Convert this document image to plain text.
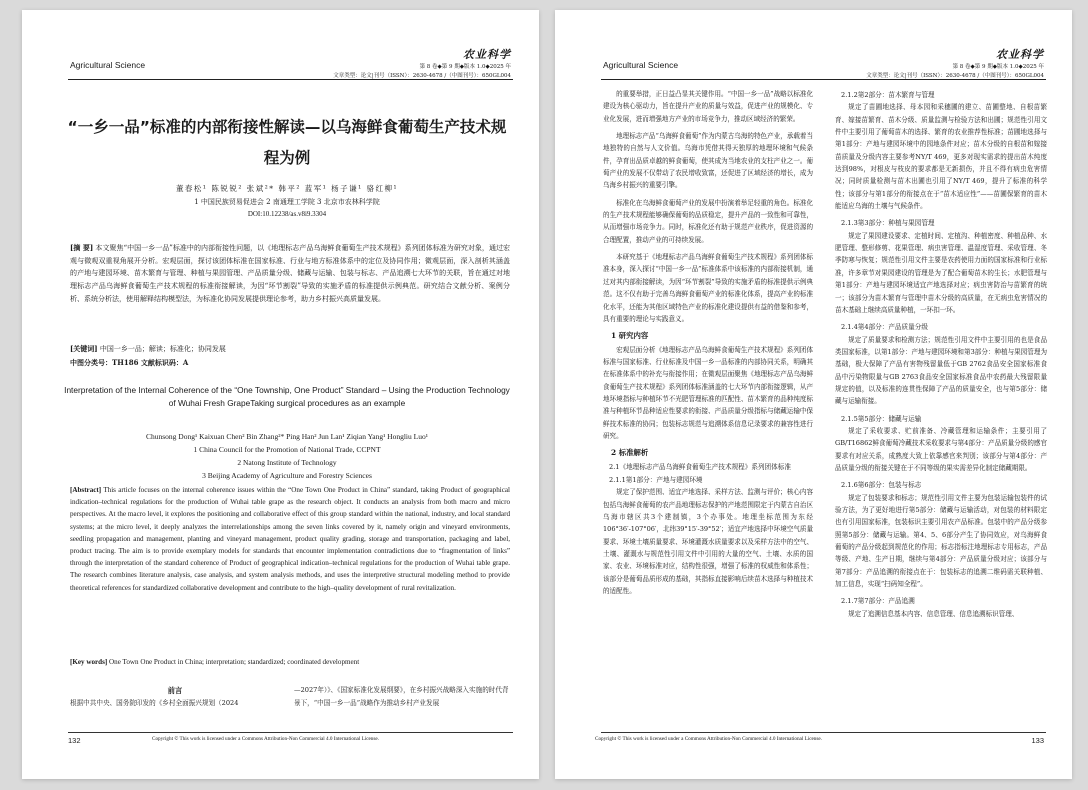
农业科学
Agricultural Science	第 8 卷◆第 9 期◆版本 1.0◆2025 年
文章类型：论文|刊号（ISSN）：2630-4678 /（中图刊号）：650GL004
“一乡一品”标准的内部衔接性解读—以乌海鲜食葡萄生产技术规程为例
董春松¹ 陈锐锐² 张斌²* 韩平² 蓝军¹ 杨子谦¹ 骆红柳¹
1 中国民族贸易促进会 2 南通理工学院 3 北京市农林科学院
DOI:10.12238/as.v8i9.3304
[摘 要] 本文聚焦“中国一乡一品”标准中的内部衔接性问题，以《地理标志产品乌海鲜食葡萄生产技术规程》系列团体标准为研究对象，通过宏观与微观双重视角展开分析。宏观层面，探讨该团体标准在国家标准、行业与地方标准体系中的定位及协同作用；微观层面，深入剖析其涵盖的产地与建园环境、苗木繁育与管理、种植与果园管理、产品质量分级、储藏与运输、包装与标志、产品追溯七大环节的关联，旨在通过对地理标志产品乌海鲜食葡萄生产技术规程的标准衔接解读，为因“环节割裂”导致的实施矛盾的标准提供示例典范。研究结合文献分析、案例分析、系统分析法，使用解释结构模型法，为标准化协同发展提供理论参考，助力乡村振兴高质量发展。
[关键词] 中国一乡一品；解读；标准化；协同发展
中图分类号：TH186 文献标识码：A
Interpretation of the Internal Coherence of the “One Township, One Product” Standard – Using the Production Technology of Wuhai Fresh GrapeTaking surgical procedures as an example
Chunsong Dong¹ Kaixuan Chen² Bin Zhang²* Ping Han² Jun Lan¹ Ziqian Yang¹ Hongliu Luo¹
1 China Council for the Promotion of National Trade, CCPNT
2 Natong Institute of Technology
3 Beijing Academy of Agriculture and Forestry Sciences
[Abstract] This article focuses on the internal coherence issues within the “One Town One Product in China” standard, taking Product of geographical indication–technical regulations for the production of Wuhai table grape as the research object. It conducts an analysis from both macro and micro perspectives. At the macro level, it explores the positioning and collaborative effect of this group standard within the national, industry, and local standard systems; at the micro level, it deeply analyzes the interrelationships among the seven links covered by it, namely origin and vineyard environments, seedling propagation and management, planting and vineyard management, product quality grading, storage and transportation, packaging and label, product tracing. The aim is to provide exemplary models for standards that encounter implementation contradictions due to “fragmentation of links” through the interpretation of the standard coherence of Product of geographical indication–technical regulations for the production of Wuhai table grape. The research combines literature analysis, case analysis, and system analysis methods, and uses the interpretive structural modeling method to provide theoretical references for standardized collaborative development and contribute to the high–quality development of rural revitalization.
[Key words] One Town One Product in China; interpretation; standardized; coordinated development
前言
根据中共中央、国务院印发的《乡村全面振兴规划（2024
—2027年）》、《国家标准化发展纲要》，在乡村振兴战略深入实施的时代背景下，“中国一乡一品”战略作为推动乡村产业发展
132	Copyright © This work is licensed under a Commons Attribution-Non Commercial 4.0 International License.
农业科学
Agricultural Science	第 8 卷◆第 9 期◆版本 1.0◆2025 年
文章类型：论文|刊号（ISSN）：2630-4678 /（中图刊号）：650GL004

的重要举措，正日益凸显其关键作用。“中国一乡一品”战略以标准化建设为核心驱动力，旨在提升产业的质量与效益，促进产业的规模化、专业化发展，进而增强地方产业的市场竞争力，推动区域经济的繁荣。

地理标志产品“乌海鲜食葡萄”作为内蒙古乌海的特色产业，承载着当地独特的自然与人文价值。乌海市凭借其得天独厚的地理环境和气候条件，孕育出品质卓越的鲜食葡萄，使其成为当地农业的支柱产业之一。葡萄产业的发展不仅带动了农民增收致富，还促进了区域经济的增长，成为乌海乡村振兴的重要引擎。

标准化在乌海鲜食葡萄产业的发展中扮演着举足轻重的角色。标准化的生产技术规程能够确保葡萄的品质稳定，提升产品的一致性和可靠性，从而增强市场竞争力。同时，标准化还有助于规范产业秩序，促进资源的合理配置，推动产业的可持续发展。

本研究基于《地理标志产品乌海鲜食葡萄生产技术规程》系列团体标准本身，深入探讨“中国一乡一品”标准体系中该标准的内部衔接机制，通过对其内部衔接解读，为因“环节割裂”导致的实施矛盾的标准提供示例典范。这不仅有助于完善乌海鲜食葡萄产业的标准化体系，提高产业的标准化水平，还能为其他区域特色产业的标准化建设提供有益的借鉴和参考，具有重要的理论与实践意义。

1 研究内容

宏观层面分析《地理标志产品乌海鲜食葡萄生产技术规程》系列团体标准与国家标准、行业标准及中国一乡一品标准的内部协同关系，明确其在标准体系中的补充与衔接作用；在微观层面聚焦《地理标志产品乌海鲜食葡萄生产技术规程》系列团体标准涵盖的七大环节内部衔接逻辑，从产地环境指标与种植环节不光肥管理标准的匹配性、苗木繁育的品种纯度标准与种植环节品种适应性要求的衔接、产品质量分级指标与储藏运输中保鲜技术标准的协同；包装标志规范与追溯体系信息记录要求的兼容性进行研究。

2 标准解析
2.1《地理标志产品乌海鲜食葡萄生产技术规程》系列团体标准
2.1.1第1部分：产地与建园环境

规定了保护范围、适宜产地选择、采样方法、监测与评价；核心内容包括乌海鲜食葡萄的农产品地理标志保护的产地范围限定于内蒙古自治区乌海市辖区共3个建制镇，3个办事处。地理坐标范围为东经106°36′-107°06′，北纬39°15′-39°52′；适宜产地选择中环境空气质量要求、环境土壤质量要求、环境灌溉水质量要求以及采样方法中的空气、土壤、灌溉水与规范性引用文件中引用的大量的空气、土壤、水质的国家、农业、环境标准对应，结构性很强，增强了标准的权威性和体系性；该部分是葡萄品质形成的基础，其指标直接影响后续苗木选择与种植技术的适配性。

2.1.2第2部分：苗木繁育与管理

规定了苗圃地选择、母本园和采穗圃的建立、苗圃整地、自根苗繁育、嫁接苗繁育、苗木分级、质量监测与检验方法和出圃；规范性引用文件中主要引用了葡萄苗木的选择、繁育的农业推荐性标准；苗圃地选择与第1部分：产地与建园环境中的园地条件对应；苗木分级的自根苗和嫁接苗质量及分级内容主要参考NY/T 469，更多对现实需求的提出苗木纯度达到98%，对根皮与枝皮的要求都是无新损伤，并且不得有病虫危害情况；同时质量检测与苗木出圃也引用了NY/T 469，提升了标准的科学性；该部分与第1部分的衔接点在于“苗木适应性”——苗圃保繁育的苗木能适应乌海的土壤与气候条件。

2.1.3第3部分：种植与果园管理

规定了果园建设要求、定植时间、定植沟、种植密度、种植品种、水肥管理、整形修剪、花果管理、病虫害管理、温湿度管理、采收管理、冬季防寒与恢复；规范性引用文件主要是农药使用力面的国家标准和行业标准，许多章节对果园建设的管理是为了配合葡萄苗木的生长；水肥管理与第1部分：产地与建园环境适宜产地选择对应；病虫害防治与苗繁育的统一；该部分为苗木繁育与管理中苗木分级的高质量，在无病虫危害情况的苗木基础上继续高质量种植，一环扣一环。

2.1.4第4部分：产品质量分级

规定了质量要求和检测方法；规范性引用文件中主要引用的也是食品类国家标准，以第1部分：产地与建园环境和第3部分：种植与果园管理为基础，极大保障了产品有害物残留量低于GB 2762食品安全国家标准食品中污染物限量与GB 2763食品安全国家标准食品中农药最大残留限量规定的值，以及标准的连贯性保障了产品的质量安全，也与第5部分：储藏与运输衔接。

2.1.5第5部分：储藏与运输

规定了采收要求、贮前准备、冷藏管理和运输条件；主要引用了GB/T16862鲜食葡萄冷藏技术采收要求与第4部分：产品质量分级的感官要求有对应关系，成熟度大致上依靠感官来判别；该部分与第4部分：产品质量分级的衔接关键在于不同等级的果实需差异化制定储藏期限。

2.1.6第6部分：包装与标志

规定了包装要求和标志；规范性引用文件主要为包装运输包装件的试验方法，为了更好地进行第5部分：储藏与运输活动，对包装的材料限定也有引用国家标准，包装标识主要引用农产品标准。包装中的产品分级参照第5部分：储藏与运输。第4、5、6部分产生了协同效应，对乌海鲜食葡萄的产品分级起到规范化的作用；标志指标注地理标志专用标志，产品等级、产地、生产日期，继续与第4部分：产品质量分级对应；该部分与第7部分：产品追溯的衔接点在于：包装标志的追溯二维码需关联种植、加工信息，实现“扫码知全程”。

2.1.7第7部分：产品追溯

规定了追溯信息基本内容、信息管理、信息追溯标识管理、

Copyright © This work is licensed under a Commons Attribution-Non Commercial 4.0 International License.	133
